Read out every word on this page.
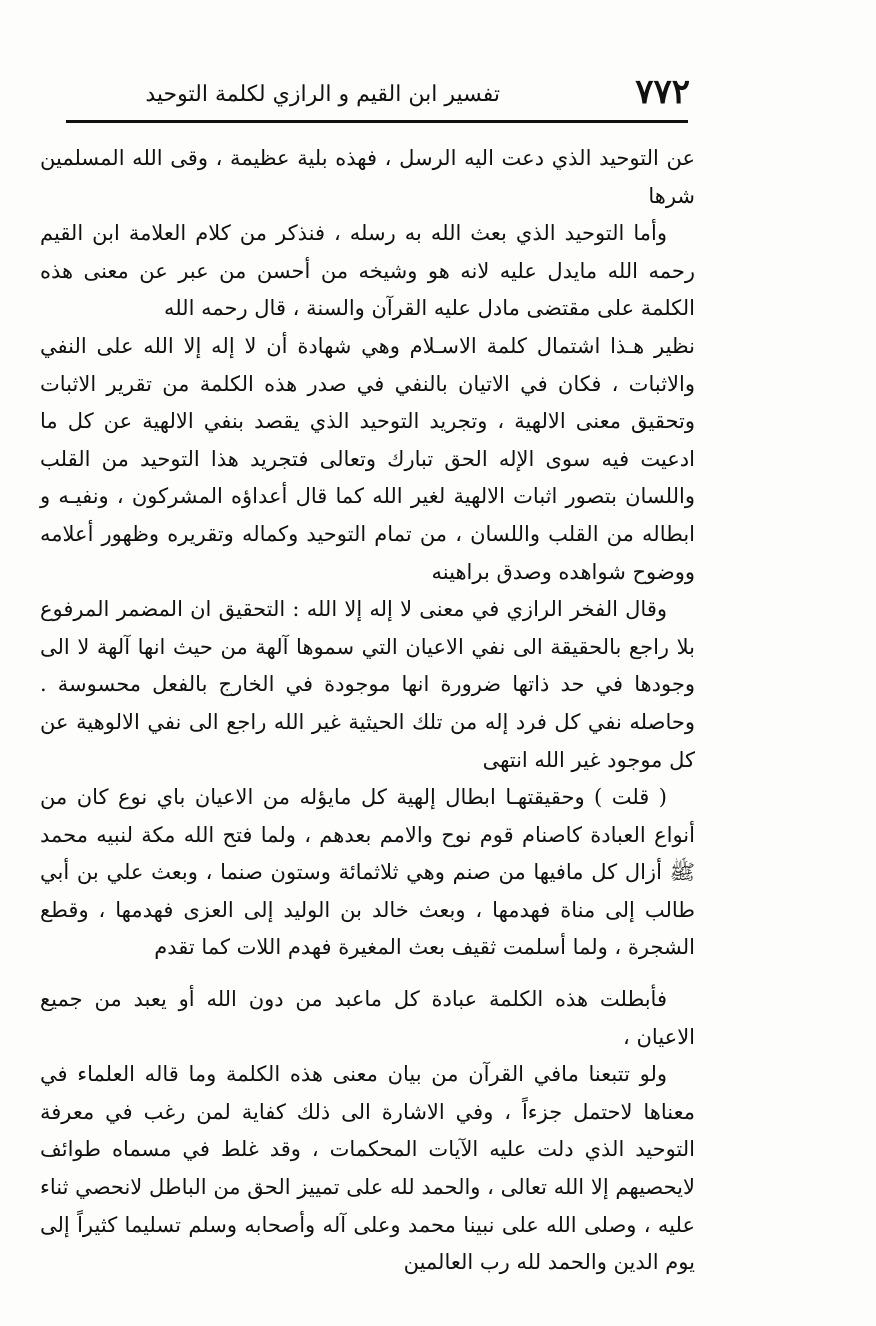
٧٧٢
تفسير ابن القيم و الرازي لكلمة التوحيد

عن التوحيد الذي دعت اليه الرسل ، فهذه بلية عظيمة ، وقى الله المسلمين شرها

وأما التوحيد الذي بعث الله به رسله ، فنذكر من كلام العلامة ابن القيم رحمه الله مايدل عليه لانه هو وشيخه من أحسن من عبر عن معنى هذه الكلمة على مقتضى مادل عليه القرآن والسنة ، قال رحمه الله

نظير هـذا اشتمال كلمة الاسـلام وهي شهادة أن لا إله إلا الله على النفي والاثبات ، فكان في الاتيان بالنفي في صدر هذه الكلمة من تقرير الاثبات وتحقيق معنى الالهية ، وتجريد التوحيد الذي يقصد بنفي الالهية عن كل ما ادعيت فيه سوى الإله الحق تبارك وتعالى فتجريد هذا التوحيد من القلب واللسان بتصور اثبات الالهية لغير الله كما قال أعداؤه المشركون ، ونفيـه و ابطاله من القلب واللسان ، من تمام التوحيد وكماله وتقريره وظهور أعلامه ووضوح شواهده وصدق براهينه

وقال الفخر الرازي في معنى لا إله إلا الله : التحقيق ان المضمر المرفوع بلا راجع بالحقيقة الى نفي الاعيان التي سموها آلهة من حيث انها آلهة لا الى وجودها في حد ذاتها ضرورة انها موجودة في الخارج بالفعل محسوسة . وحاصله نفي كل فرد إله من تلك الحيثية غير الله راجع الى نفي الالوهية عن كل موجود غير الله انتهى

( قلت ) وحقيقتهـا ابطال إلهية كل مايؤله من الاعيان باي نوع كان من أنواع العبادة كاصنام قوم نوح والامم بعدهم ، ولما فتح الله مكة لنبيه محمد ﷺ أزال كل مافيها من صنم وهي ثلاثمائة وستون صنما ، وبعث علي بن أبي طالب إلى مناة فهدمها ، وبعث خالد بن الوليد إلى العزى فهدمها ، وقطع الشجرة ، ولما أسلمت ثقيف بعث المغيرة فهدم اللات كما تقدم

فأبطلت هذه الكلمة عبادة كل ماعبد من دون الله أو يعبد من جميع الاعيان ،

ولو تتبعنا مافي القرآن من بيان معنى هذه الكلمة وما قاله العلماء في معناها لاحتمل جزءاً ، وفي الاشارة الى ذلك كفاية لمن رغب في معرفة التوحيد الذي دلت عليه الآيات المحكمات ، وقد غلط في مسماه طوائف لايحصيهم إلا الله تعالى ، والحمد لله على تمييز الحق من الباطل لانحصي ثناء عليه ، وصلى الله على نبينا محمد وعلى آله وأصحابه وسلم تسليما كثيراً إلى يوم الدين والحمد لله رب العالمين
